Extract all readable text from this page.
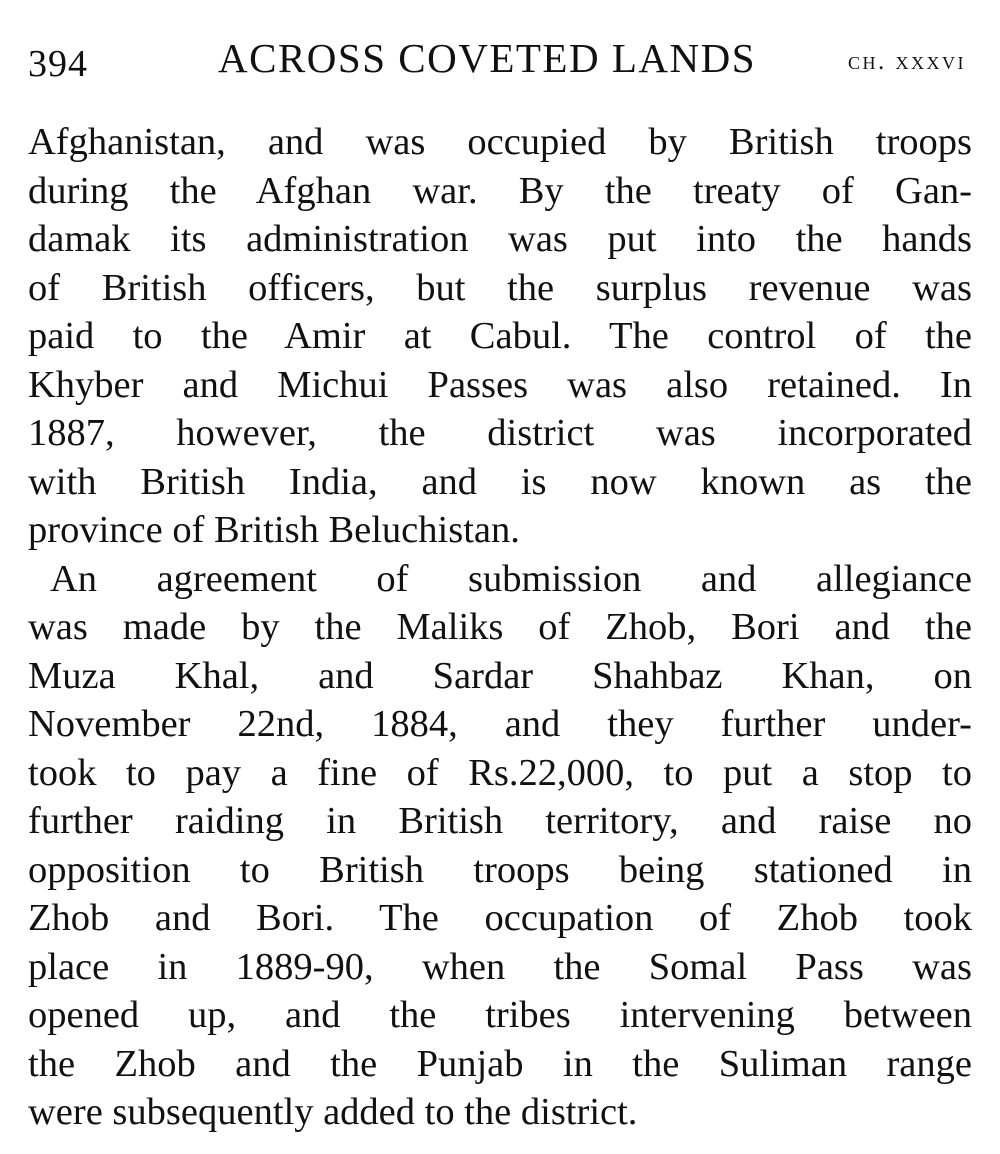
394	ACROSS COVETED LANDS	ch. xxxvi
Afghanistan, and was occupied by British troops
during the Afghan war. By the treaty of Gan-
damak its administration was put into the hands
of British officers, but the surplus revenue was
paid to the Amir at Cabul. The control of the
Khyber and Michui Passes was also retained. In
1887, however, the district was incorporated
with British India, and is now known as the
province of British Beluchistan.
An agreement of submission and allegiance
was made by the Maliks of Zhob, Bori and the
Muza Khal, and Sardar Shahbaz Khan, on
November 22nd, 1884, and they further under-
took to pay a fine of Rs.22,000, to put a stop to
further raiding in British territory, and raise no
opposition to British troops being stationed in
Zhob and Bori. The occupation of Zhob took
place in 1889-90, when the Somal Pass was
opened up, and the tribes intervening between
the Zhob and the Punjab in the Suliman range
were subsequently added to the district.
